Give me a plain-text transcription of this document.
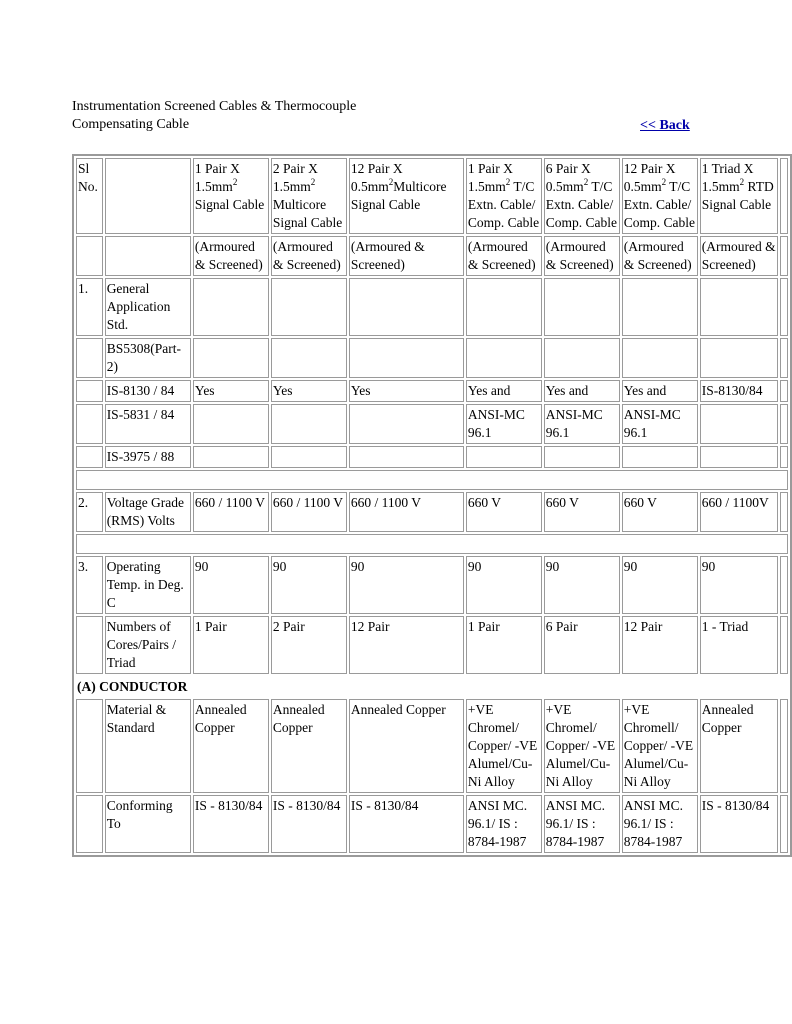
Instrumentation Screened Cables & Thermocouple Compensating Cable	<< Back
Sl No.		1 Pair X $1.5mm^2$ Signal Cable	2 Pair X $1.5mm^2$ Multicore Signal Cable	12 Pair X $0.5mm^2Multicore$ Signal Cable	1 Pair X $1.5mm^2$ T/C Extn. Cable/ Comp. Cable	6 Pair X $0.5mm^2$ T/C Extn. Cable/ Comp. Cable	12 Pair X $0.5mm^2$ T/C Extn. Cable/ Comp. Cable	1 Triad X $1.5mm^2$ RTD Signal Cable	
		(Armoured & Screened)	(Armoured & Screened)	(Armoured & Screened)	(Armoured & Screened)	(Armoured & Screened)	(Armoured & Screened)	(Armoured & Screened)	
1.	General Application Std.								
	BS5308(Part-2)								
	IS-8130 / 84	Yes	Yes	Yes	Yes and	Yes and	Yes and	IS-8130/84	
	IS-5831 / 84				ANSI-MC 96.1	ANSI-MC 96.1	ANSI-MC 96.1		
	IS-3975 / 88								

2.	Voltage Grade (RMS) Volts	660 / 1100 V	660 / 1100 V	660 / 1100 V	660 V	660 V	660 V	660 / 1100V	

3.	Operating Temp. in Deg. C	90	90	90	90	90	90	90	
	Numbers of Cores/Pairs / Triad	1 Pair	2 Pair	12 Pair	1 Pair	6 Pair	12 Pair	1 - Triad	
(A) CONDUCTOR									
	Material & Standard	Annealed Copper	Annealed Copper	Annealed Copper	+VE Chromel/ Copper/ -VE Alumel/Cu-Ni Alloy	+VE Chromel/ Copper/ -VE Alumel/Cu-Ni Alloy	+VE Chromell/ Copper/ -VE Alumel/Cu-Ni Alloy	Annealed Copper	
	Conforming To	IS - 8130/84	IS - 8130/84	IS - 8130/84	ANSI MC. 96.1/ IS : 8784-1987	ANSI MC. 96.1/ IS : 8784-1987	ANSI MC. 96.1/ IS : 8784-1987	IS - 8130/84	
